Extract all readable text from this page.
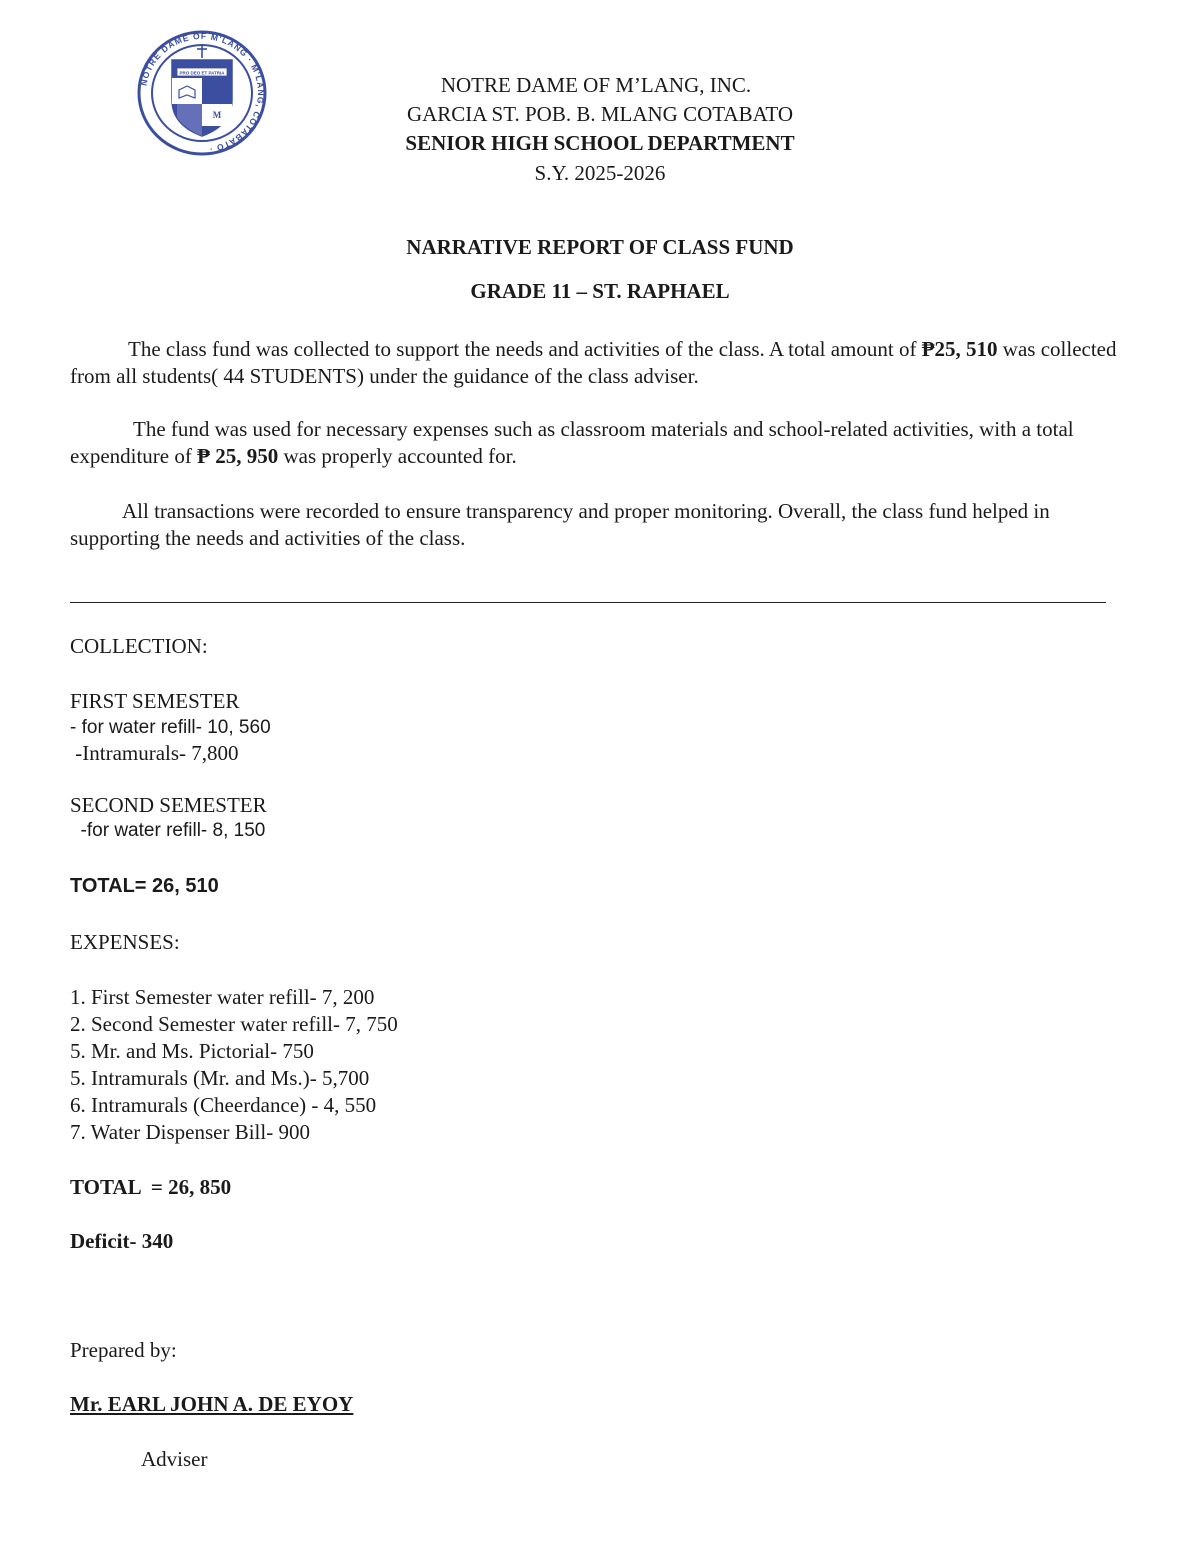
NOTRE DAME OF M'LANG · M'LANG, COTABATO ·
PRO DEO ET PATRIA
M
NOTRE DAME OF M’LANG, INC.
GARCIA ST. POB. B. MLANG COTABATO
SENIOR HIGH SCHOOL DEPARTMENT
S.Y. 2025-2026
NARRATIVE REPORT OF CLASS FUND
GRADE 11 – ST. RAPHAEL
The class fund was collected to support the needs and activities of the class. A total amount of ₱25, 510 was collected from all students( 44 STUDENTS) under the guidance of the class adviser.
The fund was used for necessary expenses such as classroom materials and school-related activities, with a total expenditure of ₱ 25, 950 was properly accounted for.
All transactions were recorded to ensure transparency and proper monitoring. Overall, the class fund helped in supporting the needs and activities of the class.
COLLECTION:
FIRST SEMESTER
- for water refill- 10, 560
-Intramurals- 7,800
SECOND SEMESTER
-for water refill- 8, 150
TOTAL= 26, 510
EXPENSES:
1. First Semester water refill- 7, 200
2. Second Semester water refill- 7, 750
5. Mr. and Ms. Pictorial- 750
5. Intramurals (Mr. and Ms.)- 5,700
6. Intramurals (Cheerdance) - 4, 550
7. Water Dispenser Bill- 900
TOTAL  = 26, 850
Deficit- 340
Prepared by:
Mr. EARL JOHN A. DE EYOY
Adviser
